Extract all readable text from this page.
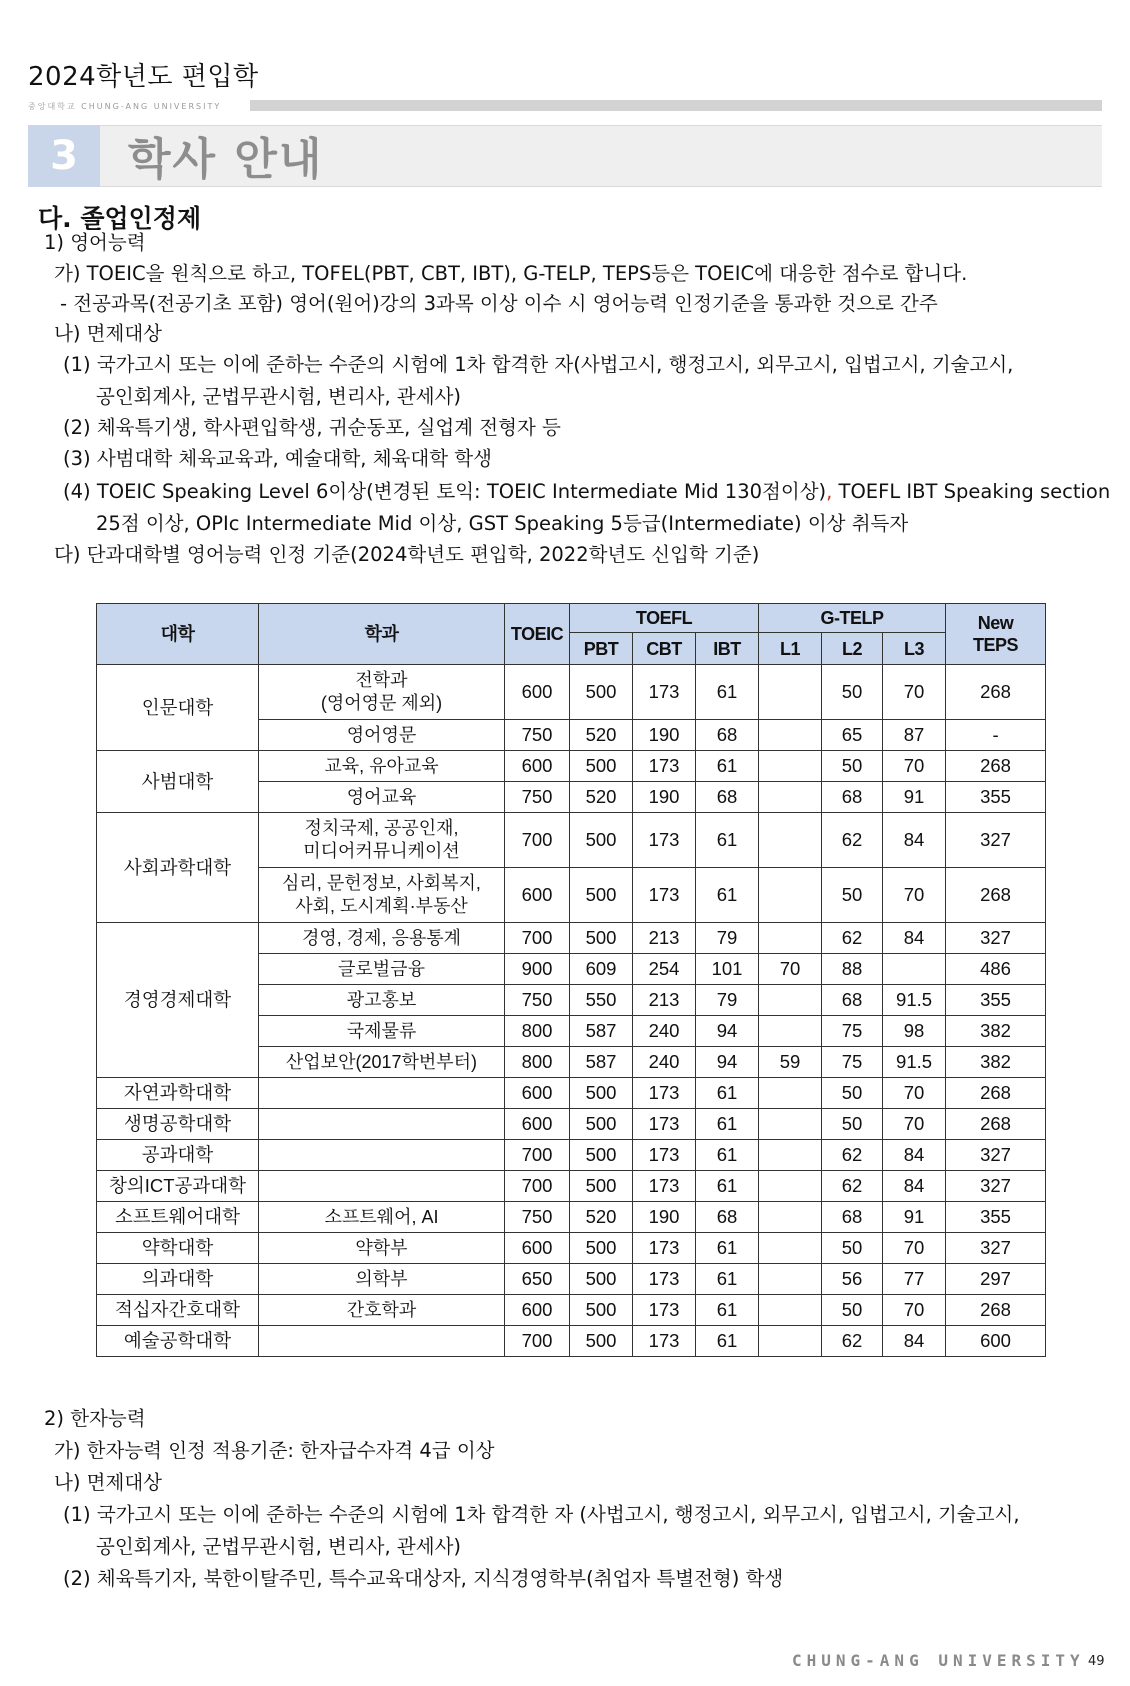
2024학년도 편입학
중앙대학교 CHUNG-ANG UNIVERSITY
3	학사 안내
다. 졸업인정제
1) 영어능력
가) TOEIC을 원칙으로 하고, TOFEL(PBT, CBT, IBT), G-TELP, TEPS등은 TOEIC에 대응한 점수로 합니다.
- 전공과목(전공기초 포함) 영어(원어)강의 3과목 이상 이수 시 영어능력 인정기준을 통과한 것으로 간주
나) 면제대상
(1) 국가고시 또는 이에 준하는 수준의 시험에 1차 합격한 자(사법고시, 행정고시, 외무고시, 입법고시, 기술고시,
공인회계사, 군법무관시험, 변리사, 관세사)
(2) 체육특기생, 학사편입학생, 귀순동포, 실업계 전형자 등
(3) 사범대학 체육교육과, 예술대학, 체육대학 학생
(4) TOEIC Speaking Level 6이상(변경된 토익: TOEIC Intermediate Mid 130점이상), TOEFL IBT Speaking section
25점 이상, OPIc Intermediate Mid 이상, GST Speaking 5등급(Intermediate) 이상 취득자
다) 단과대학별 영어능력 인정 기준(2024학년도 편입학, 2022학년도 신입학 기준)
대학	학과	TOEIC	TOEFL			G-TELP			New
TEPS
			PBT	CBT	IBT	L1	L2	L3	
인문대학	전학과
(영어영문 제외)	600	500	173	61		50	70	268
	영어영문	750	520	190	68		65	87	-
사범대학	교육, 유아교육	600	500	173	61		50	70	268
	영어교육	750	520	190	68		68	91	355
사회과학대학	정치국제, 공공인재,
미디어커뮤니케이션	700	500	173	61		62	84	327
	심리, 문헌정보, 사회복지,
사회, 도시계획·부동산	600	500	173	61		50	70	268
경영경제대학	경영, 경제, 응용통계	700	500	213	79		62	84	327
	글로벌금융	900	609	254	101	70	88		486
	광고홍보	750	550	213	79		68	91.5	355
	국제물류	800	587	240	94		75	98	382
	산업보안(2017학번부터)	800	587	240	94	59	75	91.5	382
자연과학대학		600	500	173	61		50	70	268
생명공학대학		600	500	173	61		50	70	268
공과대학		700	500	173	61		62	84	327
창의ICT공과대학		700	500	173	61		62	84	327
소프트웨어대학	소프트웨어, AI	750	520	190	68		68	91	355
약학대학	약학부	600	500	173	61		50	70	327
의과대학	의학부	650	500	173	61		56	77	297
적십자간호대학	간호학과	600	500	173	61		50	70	268
예술공학대학		700	500	173	61		62	84	600
2) 한자능력
가) 한자능력 인정 적용기준: 한자급수자격 4급 이상
나) 면제대상
(1) 국가고시 또는 이에 준하는 수준의 시험에 1차 합격한 자 (사법고시, 행정고시, 외무고시, 입법고시, 기술고시,
공인회계사, 군법무관시험, 변리사, 관세사)
(2) 체육특기자, 북한이탈주민, 특수교육대상자, 지식경영학부(취업자 특별전형) 학생
CHUNG-ANG UNIVERSITY 49
